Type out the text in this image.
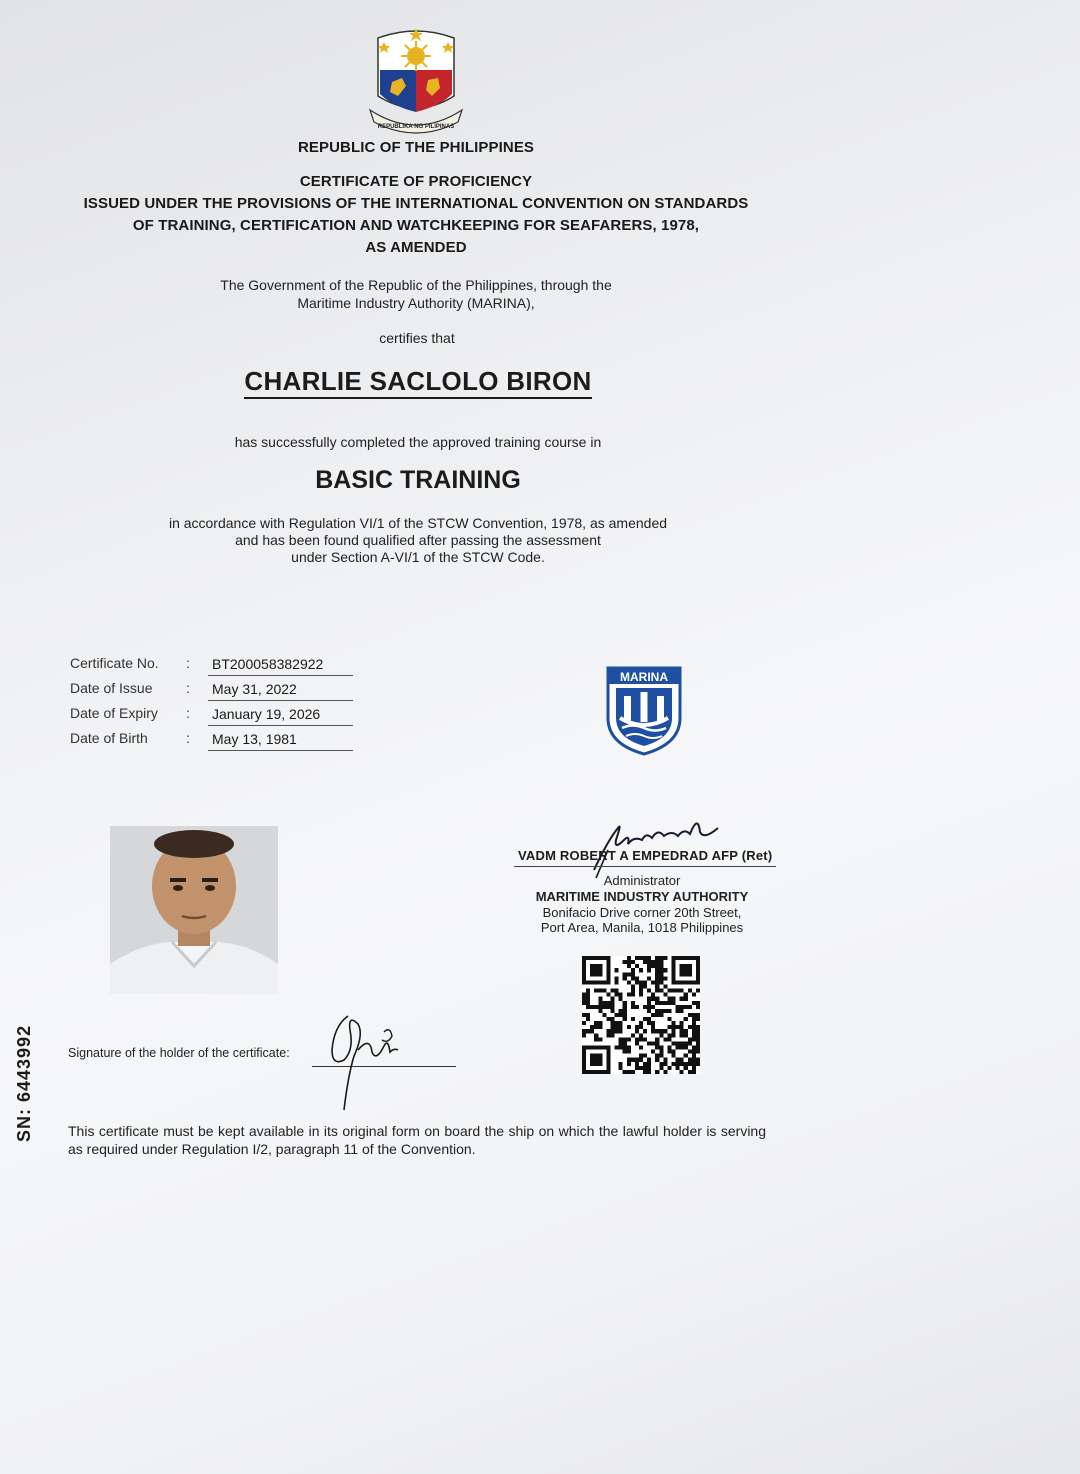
REPUBLIKA NG PILIPINAS
REPUBLIC OF THE PHILIPPINES
CERTIFICATE OF PROFICIENCY
ISSUED UNDER THE PROVISIONS OF THE INTERNATIONAL CONVENTION ON STANDARDS
OF TRAINING, CERTIFICATION AND WATCHKEEPING FOR SEAFARERS, 1978,
AS AMENDED
The Government of the Republic of the Philippines, through the
Maritime Industry Authority (MARINA),
certifies that
CHARLIE SACLOLO BIRON
has successfully completed the approved training course in
BASIC TRAINING
in accordance with Regulation VI/1 of the STCW Convention, 1978, as amended
and has been found qualified after passing the assessment
under Section A-VI/1 of the STCW Code.
Certificate No. : BT200058382922
Date of Issue : May 31, 2022
Date of Expiry : January 19, 2026
Date of Birth	: May 13, 1981
MARINA
VADM ROBERT A EMPEDRAD AFP (Ret)
Administrator
MARITIME INDUSTRY AUTHORITY
Bonifacio Drive corner 20th Street,
Port Area, Manila, 1018 Philippines
SN: 6443992	Signature of the holder of the certificate:
This certificate must be kept available in its original form on board the ship on which the lawful holder is serving as required under Regulation I/2, paragraph 11 of the Convention.
